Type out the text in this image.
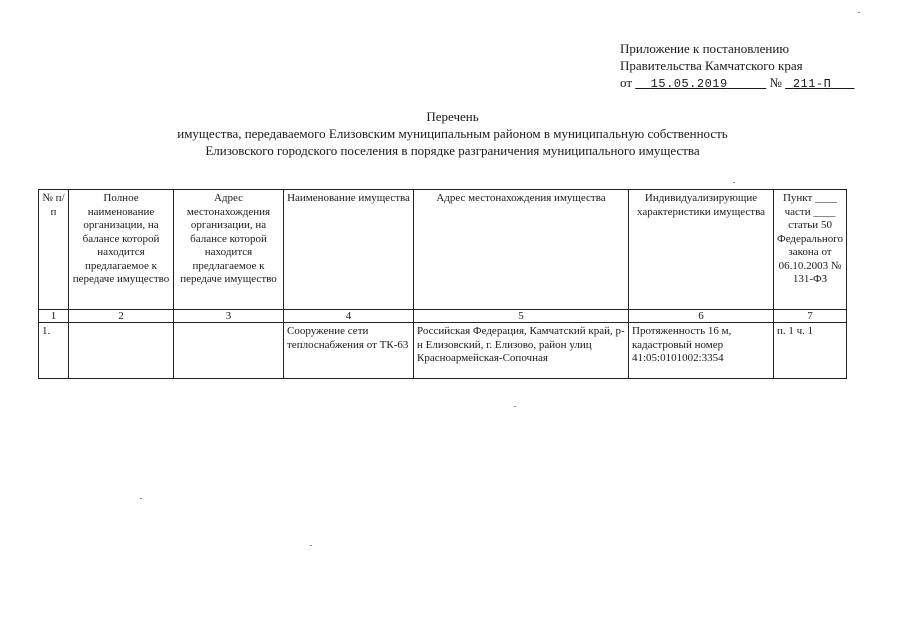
Приложение к постановлению
Правительства Камчатского края
от 15.05.2019	№ 211-П
Перечень
имущества, передаваемого Елизовским муниципальным районом в муниципальную собственность
Елизовского городского поселения в порядке разграничения муниципального имущества
№ п/п	Полное наименование организации, на балансе которой находится предлагаемое к передаче имущество	Адрес местонахождения организации, на балансе которой находится предлагаемое к передаче имущество	Наименование имущества	Адрес местонахождения имущества	Индивидуализирующие характеристики имущества	Пункт ____ части ____ статьи 50 Федерального закона от 06.10.2003 № 131-ФЗ
1	2	3	4	5	6	7
1.			Сооружение сети теплоснабжения от ТК-63	Российская Федерация, Камчатский край, р-н Елизовский, г. Елизово, район улиц Красноармейская-Сопочная	Протяженность 16 м, кадастровый номер 41:05:0101002:3354	п. 1 ч. 1
